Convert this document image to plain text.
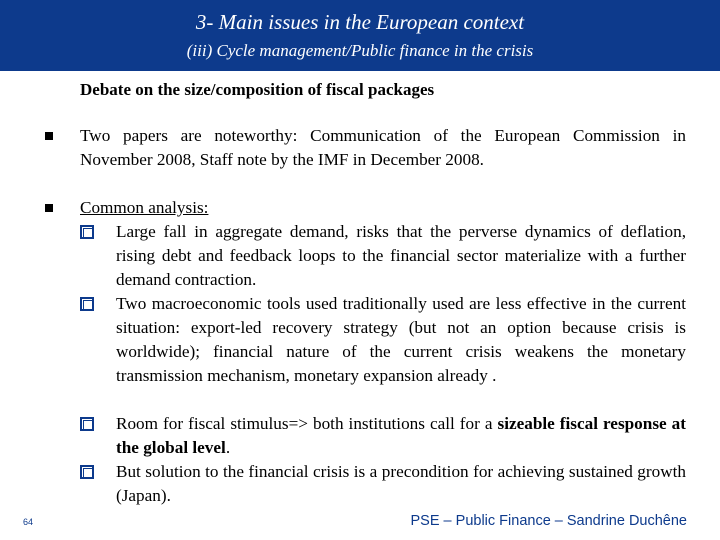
3- Main issues in the European context
(iii) Cycle management/Public finance in the crisis
Debate on the size/composition of fiscal packages
Two papers are noteworthy: Communication of the European Commission in November 2008, Staff note by the IMF in December 2008.
Common analysis:
Large fall in aggregate demand, risks that the perverse dynamics of deflation, rising debt and feedback loops to the financial sector materialize with a further demand contraction.
Two macroeconomic tools used traditionally used are less effective in the current situation: export-led recovery strategy (but not an option because crisis is worldwide); financial nature of the current crisis weakens the monetary transmission mechanism, monetary expansion already .
Room for fiscal stimulus=> both institutions call for a sizeable fiscal response at the global level.
But solution to the financial crisis is a precondition for achieving sustained growth (Japan).
64	PSE – Public Finance – Sandrine Duchêne
